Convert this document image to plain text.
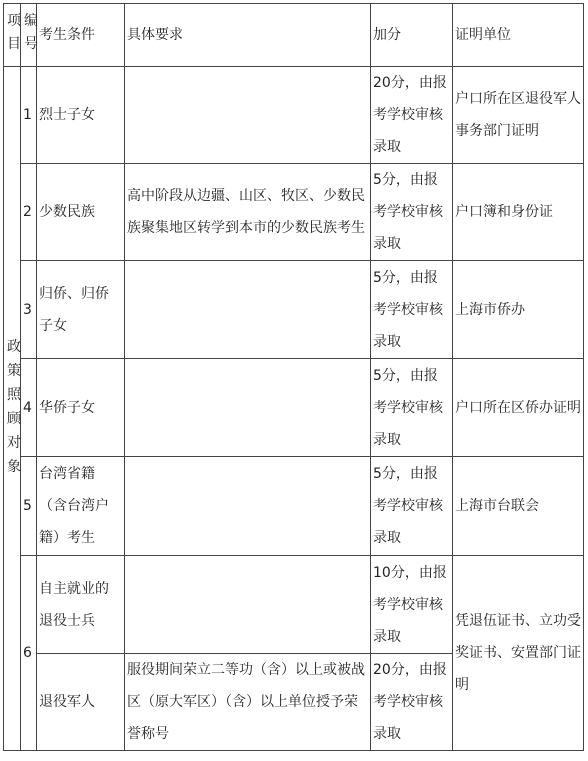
项目	编号	考生条件	具体要求	加分	证明单位
政策照顾对象	1	烈士子女		20分，由报考学校审核录取	户口所在区退役军人事务部门证明
	2	少数民族	高中阶段从边疆、山区、牧区、少数民族聚集地区转学到本市的少数民族考生	5分，由报考学校审核录取	户口簿和身份证
	3	归侨、归侨子女		5分，由报考学校审核录取	上海市侨办
	4	华侨子女		5分，由报考学校审核录取	户口所在区侨办证明
	5	台湾省籍（含台湾户籍）考生		5分，由报考学校审核录取	上海市台联会
	6	自主就业的退役士兵		10分，由报考学校审核录取	凭退伍证书、立功受奖证书、安置部门证明
		退役军人	服役期间荣立二等功（含）以上或被战区（原大军区）（含）以上单位授予荣誉称号	20分，由报考学校审核录取	
